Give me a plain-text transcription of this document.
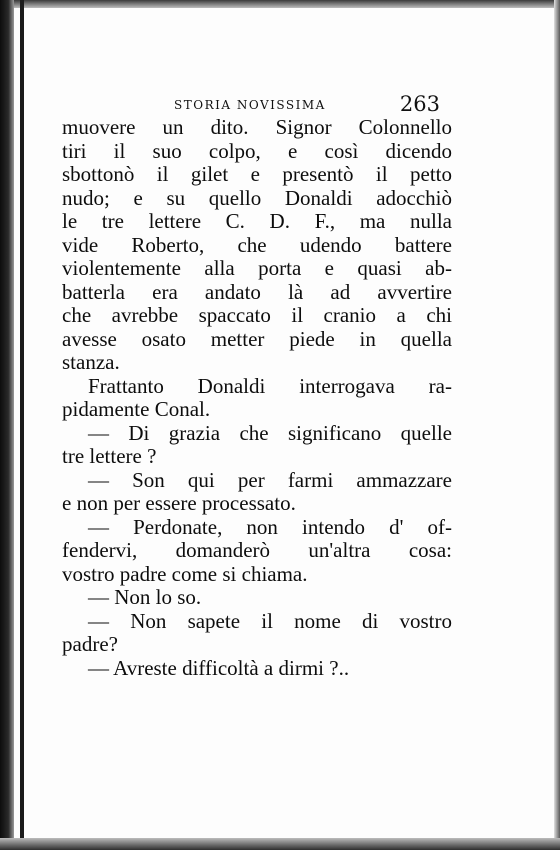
STORIA NOVISSIMA	263
muovere un dito. Signor Colonnello
tiri il suo colpo, e così dicendo
sbottonò il gilet e presentò il petto
nudo; e su quello Donaldi adocchiò
le tre lettere C. D. F., ma nulla
vide Roberto, che udendo battere
violentemente alla porta e quasi ab-
batterla era andato là ad avvertire
che avrebbe spaccato il cranio a chi
avesse osato metter piede in quella
stanza.
Frattanto Donaldi interrogava ra-
pidamente Conal.
— Di grazia che significano quelle
tre lettere ?
— Son qui per farmi ammazzare
e non per essere processato.
— Perdonate, non intendo d' of-
fendervi, domanderò un'altra cosa:
vostro padre come si chiama.
— Non lo so.
— Non sapete il nome di vostro
padre?
— Avreste difficoltà a dirmi ?..
